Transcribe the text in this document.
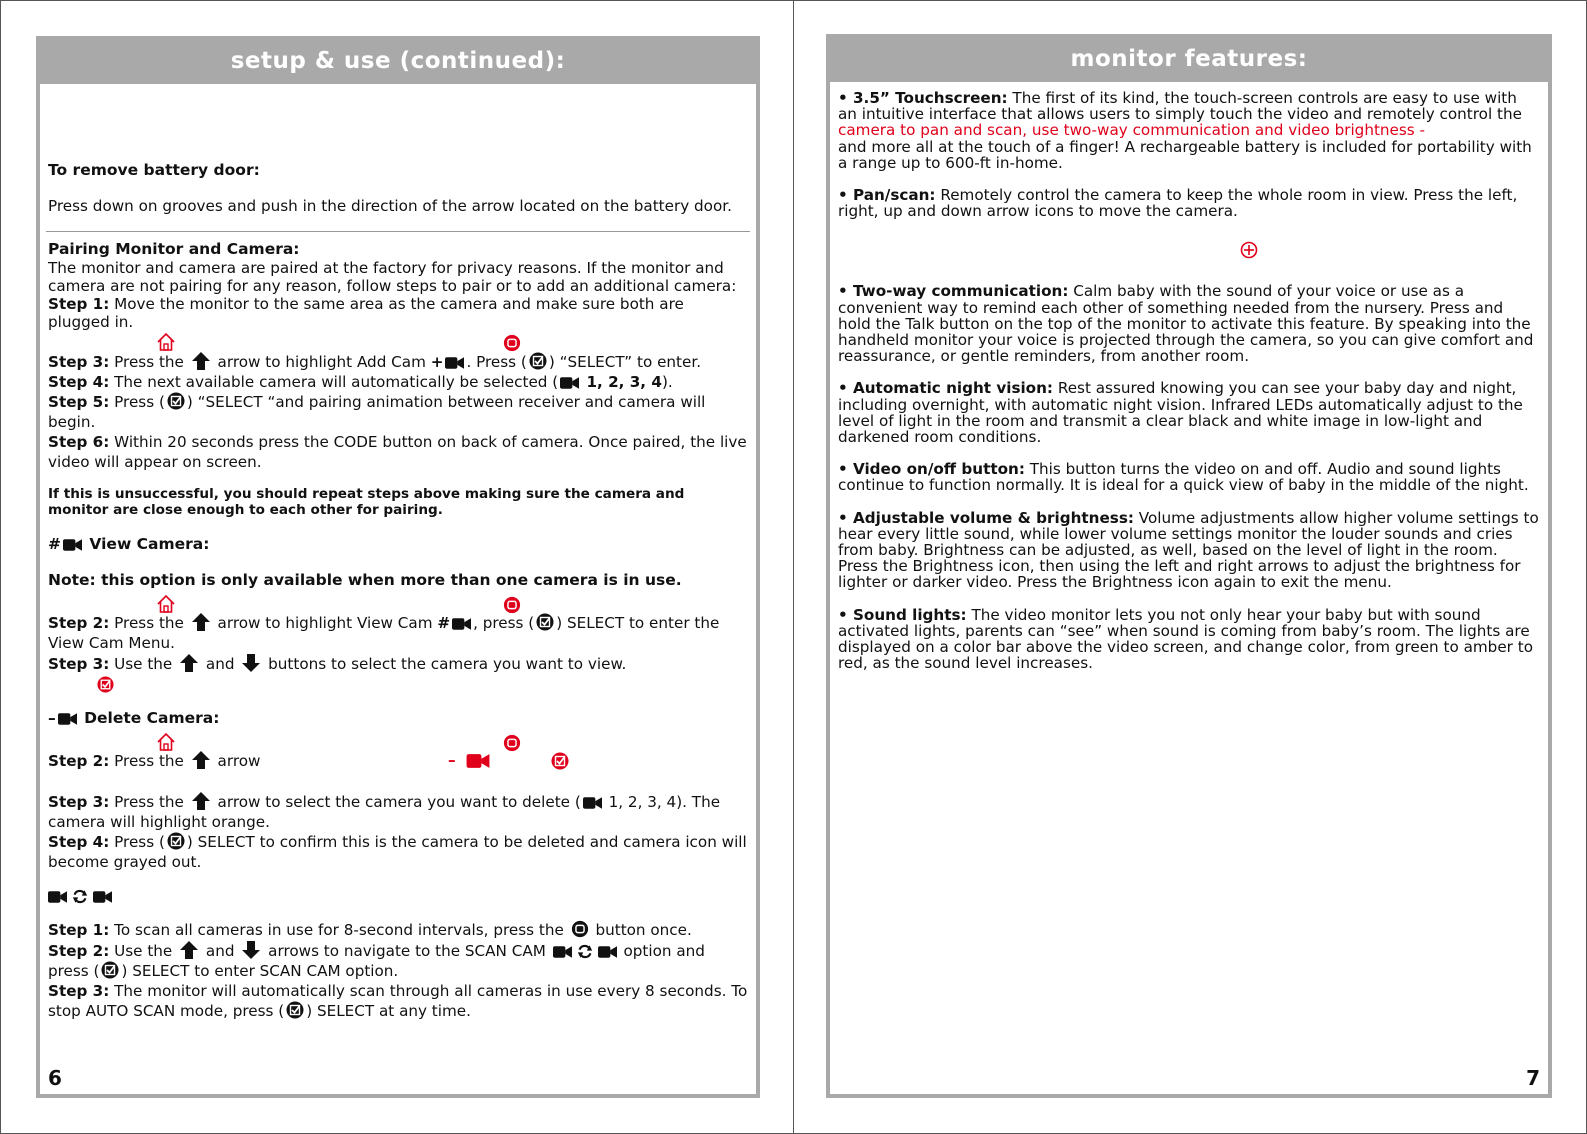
setup & use (continued):

To remove battery door:

Press down on grooves and push in the direction of the arrow located on the battery door.

Pairing Monitor and Camera:

The monitor and camera are paired at the factory for privacy reasons. If the monitor and camera are not pairing for any reason, follow steps to pair or to add an additional camera:

Step 1: Move the monitor to the same area as the camera and make sure both are plugged in.

Step 3: Press the  arrow to highlight Add Cam + . Press ( ) “SELECT” to enter.

Step 4: The next available camera will automatically be selected ( 1, 2, 3, 4).

Step 5: Press ( ) “SELECT “and pairing animation between receiver and camera will begin.

Step 6: Within 20 seconds press the CODE button on back of camera. Once paired, the live video will appear on screen.

If this is unsuccessful, you should repeat steps above making sure the camera and monitor are close enough to each other for pairing.

# View Camera:

Note: this option is only available when more than one camera is in use.

Step 2: Press the  arrow to highlight View Cam # , press ( ) SELECT to enter the View Cam Menu.

Step 3: Use the  and  buttons to select the camera you want to view.

– Delete Camera:

Step 2: Press the  arrow	–

Step 3: Press the  arrow to select the camera you want to delete ( 1, 2, 3, 4). The camera will highlight orange.

Step 4: Press ( ) SELECT to confirm this is the camera to be deleted and camera icon will become grayed out.

Step 1: To scan all cameras in use for 8-second intervals, press the  button once.

Step 2: Use the  and  arrows to navigate to the SCAN CAM	option and press ( ) SELECT to enter SCAN CAM option.

Step 3: The monitor will automatically scan through all cameras in use every 8 seconds. To stop AUTO SCAN mode, press ( ) SELECT at any time.

6
monitor features:

• 3.5” Touchscreen: The first of its kind, the touch-screen controls are easy to use with an intuitive interface that allows users to simply touch the video and remotely control the
camera to pan and scan, use two-way communication and video brightness -
and more all at the touch of a finger! A rechargeable battery is included for portability with a range up to 600-ft in-home.

• Pan/scan: Remotely control the camera to keep the whole room in view. Press the left, right, up and down arrow icons to move the camera.

• Two-way communication: Calm baby with the sound of your voice or use as a convenient way to remind each other of something needed from the nursery. Press and hold the Talk button on the top of the monitor to activate this feature. By speaking into the handheld monitor your voice is projected through the camera, so you can give comfort and reassurance, or gentle reminders, from another room.

• Automatic night vision: Rest assured knowing you can see your baby day and night, including overnight, with automatic night vision. Infrared LEDs automatically adjust to the level of light in the room and transmit a clear black and white image in low-light and darkened room conditions.

• Video on/off button: This button turns the video on and off. Audio and sound lights continue to function normally. It is ideal for a quick view of baby in the middle of the night.

• Adjustable volume & brightness: Volume adjustments allow higher volume settings to hear every little sound, while lower volume settings monitor the louder sounds and cries from baby. Brightness can be adjusted, as well, based on the level of light in the room. Press the Brightness icon, then using the left and right arrows to adjust the brightness for lighter or darker video. Press the Brightness icon again to exit the menu.

• Sound lights: The video monitor lets you not only hear your baby but with sound activated lights, parents can “see” when sound is coming from baby’s room. The lights are displayed on a color bar above the video screen, and change color, from green to amber to red, as the sound level increases.

7
